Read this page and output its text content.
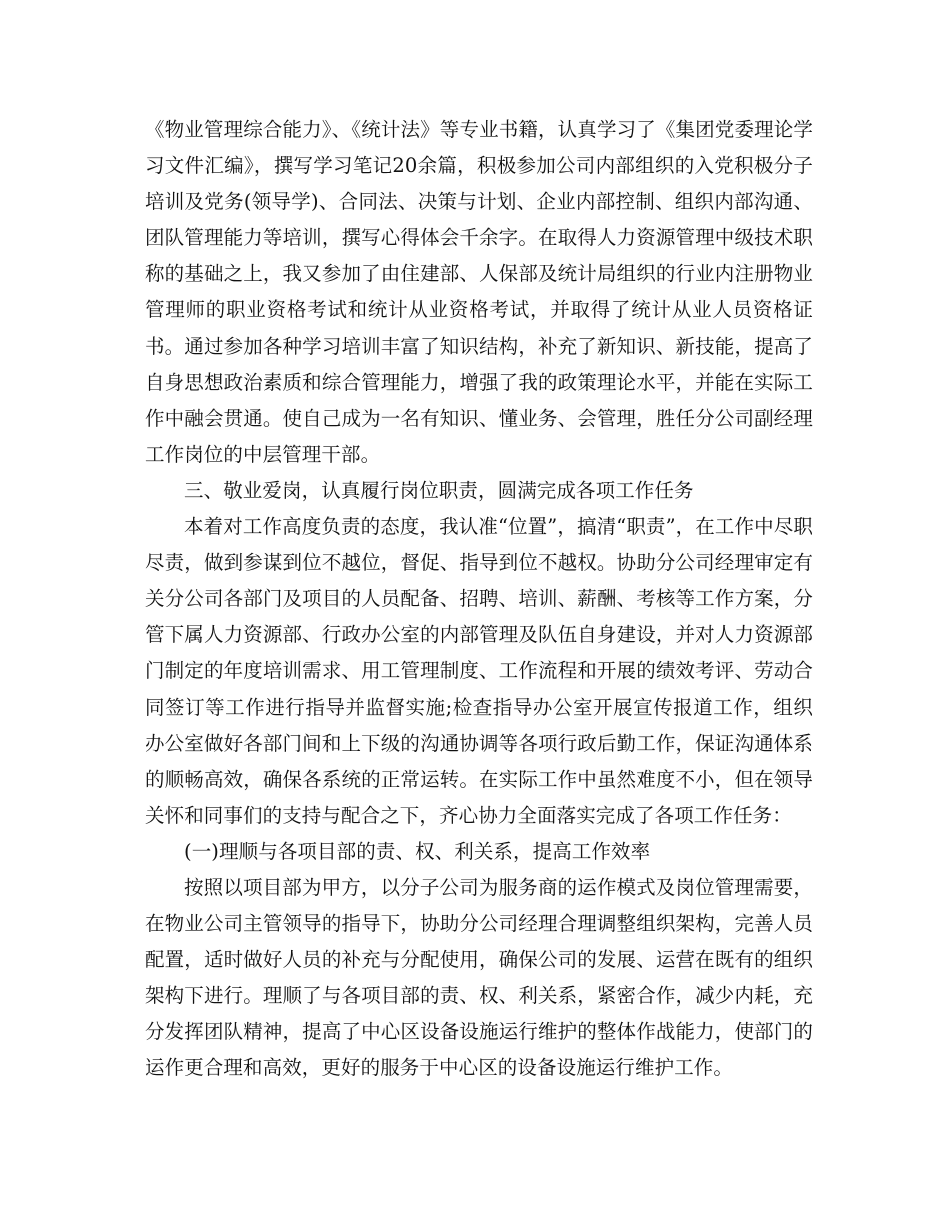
《物业管理综合能力》、《统计法》等专业书籍，认真学习了《集团党委理论学习文件汇编》，撰写学习笔记20余篇，积极参加公司内部组织的入党积极分子培训及党务(领导学)、合同法、决策与计划、企业内部控制、组织内部沟通、团队管理能力等培训，撰写心得体会千余字。在取得人力资源管理中级技术职称的基础之上，我又参加了由住建部、人保部及统计局组织的行业内注册物业管理师的职业资格考试和统计从业资格考试，并取得了统计从业人员资格证书。通过参加各种学习培训丰富了知识结构，补充了新知识、新技能，提高了自身思想政治素质和综合管理能力，增强了我的政策理论水平，并能在实际工作中融会贯通。使自己成为一名有知识、懂业务、会管理，胜任分公司副经理工作岗位的中层管理干部。

三、敬业爱岗，认真履行岗位职责，圆满完成各项工作任务

本着对工作高度负责的态度，我认准“位置”，搞清“职责”，在工作中尽职尽责，做到参谋到位不越位，督促、指导到位不越权。协助分公司经理审定有关分公司各部门及项目的人员配备、招聘、培训、薪酬、考核等工作方案，分管下属人力资源部、行政办公室的内部管理及队伍自身建设，并对人力资源部门制定的年度培训需求、用工管理制度、工作流程和开展的绩效考评、劳动合同签订等工作进行指导并监督实施;检查指导办公室开展宣传报道工作，组织办公室做好各部门间和上下级的沟通协调等各项行政后勤工作，保证沟通体系的顺畅高效，确保各系统的正常运转。在实际工作中虽然难度不小，但在领导关怀和同事们的支持与配合之下，齐心协力全面落实完成了各项工作任务：

(一)理顺与各项目部的责、权、利关系，提高工作效率

按照以项目部为甲方，以分子公司为服务商的运作模式及岗位管理需要，在物业公司主管领导的指导下，协助分公司经理合理调整组织架构，完善人员配置，适时做好人员的补充与分配使用，确保公司的发展、运营在既有的组织架构下进行。理顺了与各项目部的责、权、利关系，紧密合作，减少内耗，充分发挥团队精神，提高了中心区设备设施运行维护的整体作战能力，使部门的运作更合理和高效，更好的服务于中心区的设备设施运行维护工作。
